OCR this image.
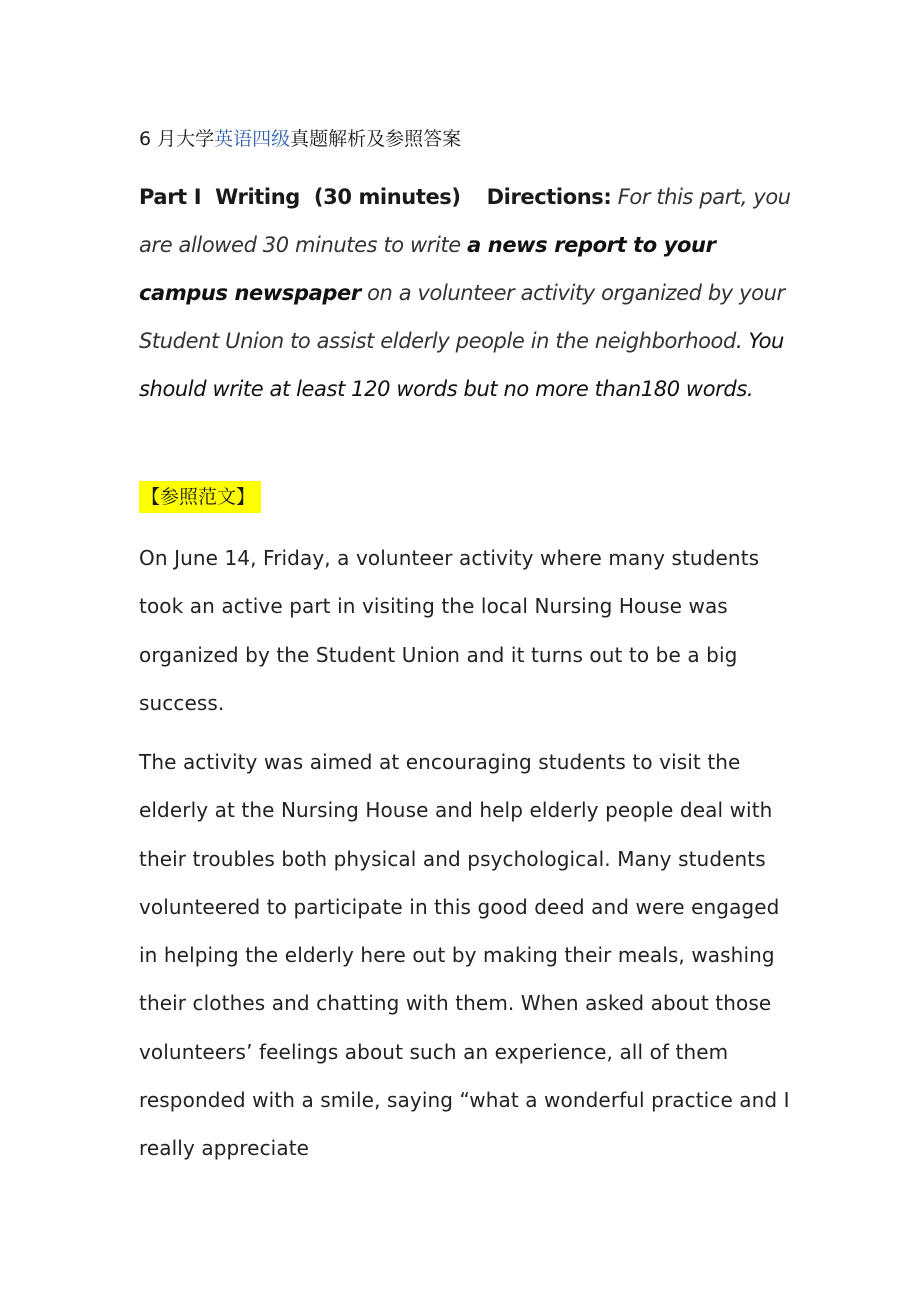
6 月大学英语四级真题解析及参照答案
Part I Writing (30 minutes) Directions: For this part, you are allowed 30 minutes to write a news report to your campus newspaper on a volunteer activity organized by your Student Union to assist elderly people in the neighborhood. You should write at least 120 words but no more than180 words.
【参照范文】
On June 14, Friday, a volunteer activity where many students took an active part in visiting the local Nursing House was organized by the Student Union and it turns out to be a big success.
The activity was aimed at encouraging students to visit the elderly at the Nursing House and help elderly people deal with their troubles both physical and psychological. Many students volunteered to participate in this good deed and were engaged in helping the elderly here out by making their meals, washing their clothes and chatting with them. When asked about those volunteers’ feelings about such an experience, all of them responded with a smile, saying “what a wonderful practice and I really appreciate
